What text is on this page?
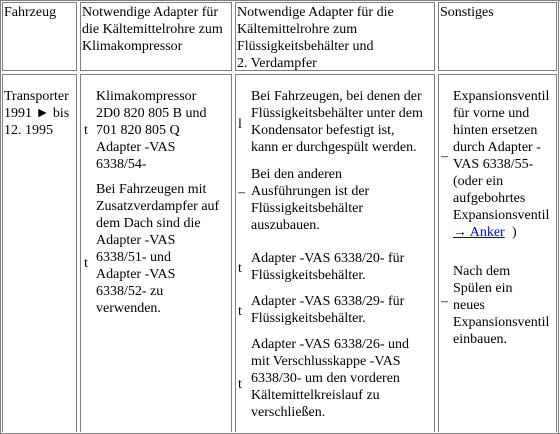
Fahrzeug Notwendige Adapter für
die Kältemittelrohre zum
Klimakompressor
Notwendige Adapter für die
Kältemittelrohre zum
Flüssigkeitsbehälter und
2. Verdampfer
Sonstiges
Transporter
1991 ► bis
12. 1995 t
Klimakompressor
2D0 820 805 B und
701 820 805 Q
Adapter -VAS
6338/54-
Bei Fahrzeugen mit
Zusatzverdampfer auf
dem Dach sind die
Adapter -VAS
6338/51- und
Adapter -VAS
6338/52- zu
verwenden.
t
l
Bei Fahrzeugen, bei denen der
Flüssigkeitsbehälter unter dem
Kondensator befestigt ist,
kann er durchgespült werden.
–
Bei den anderen
Ausführungen ist der
Flüssigkeitsbehälter
auszubauen.
t
Adapter -VAS 6338/20- für
Flüssigkeitsbehälter.
t
Adapter -VAS 6338/29- für
Flüssigkeitsbehälter.
t
Adapter -VAS 6338/26- und
mit Verschlusskappe -VAS
6338/30- um den vorderen
Kältemittelkreislauf zu
verschließen.
–
Expansionsventil
für vorne und
hinten ersetzen
durch Adapter -
VAS 6338/55-
(oder ein
aufgebohrtes
Expansionsventil
→ Anker )
–
Nach dem
Spülen ein
neues
Expansionsventil
einbauen.
